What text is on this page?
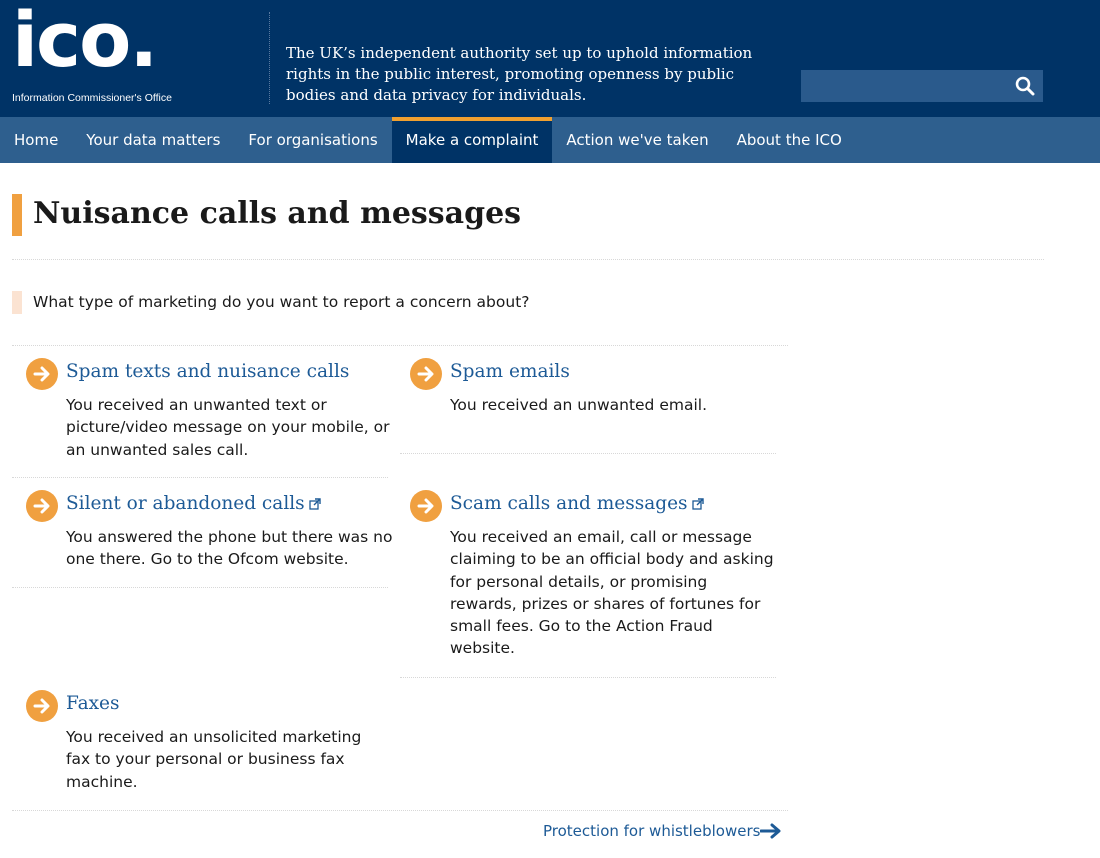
ico.
Information Commissioner's Office
The UK’s independent authority set up to uphold information rights in the public interest, promoting openness by public bodies and data privacy for individuals.
Home	Your data matters	For organisations	Make a complaint	Action we've taken	About the ICO
Nuisance calls and messages
What type of marketing do you want to report a concern about?
Spam texts and nuisance calls
You received an unwanted text or picture/video message on your mobile, or an unwanted sales call.
Spam emails
You received an unwanted email.
Silent or abandoned calls
You answered the phone but there was no one there. Go to the Ofcom website.
Scam calls and messages
You received an email, call or message claiming to be an official body and asking for personal details, or promising rewards, prizes or shares of fortunes for small fees. Go to the Action Fraud website.
Faxes
You received an unsolicited marketing fax to your personal or business fax machine.
Protection for whistleblowers
